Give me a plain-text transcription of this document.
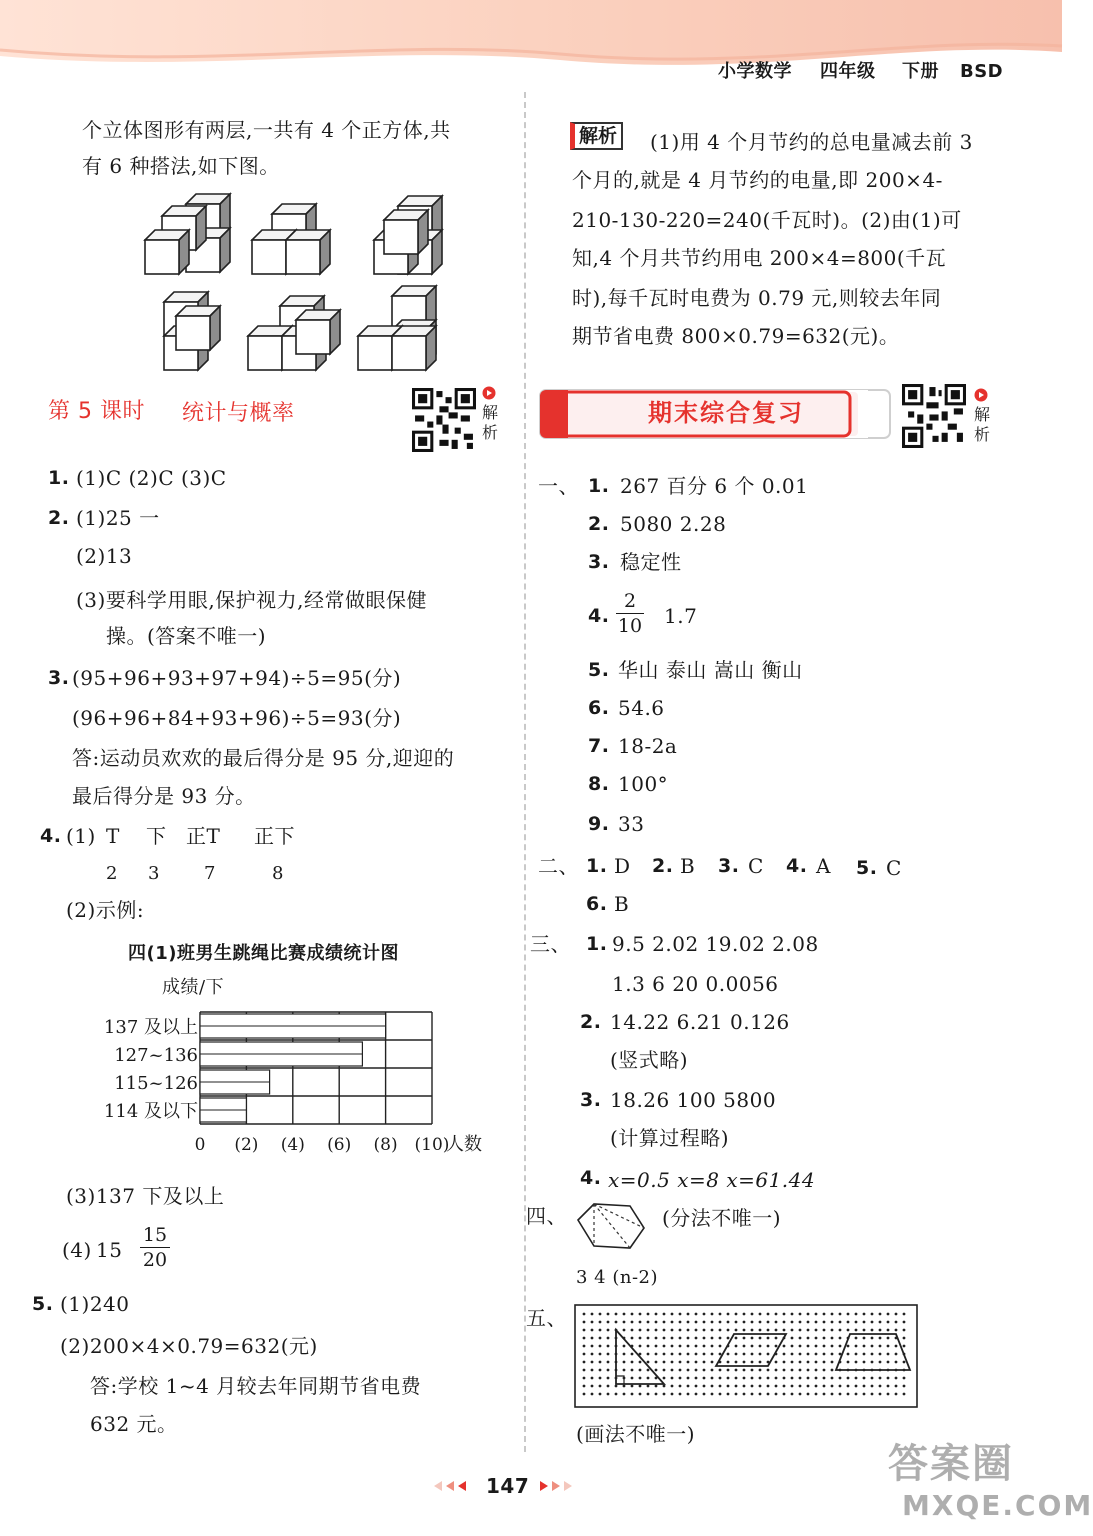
小学数学 四年级 下册 BSD
个立体图形有两层,一共有 4 个正方体,共
有 6 种搭法,如下图。
第 5 课时 统计与概率	解
析
1. (1)C (2)C (3)C
2. (1)25 一
(2)13
(3)要科学用眼,保护视力,经常做眼保健
操。(答案不唯一)
3. (95+96+93+97+94)÷5=95(分)
(96+96+84+93+96)÷5=93(分)
答:运动员欢欢的最后得分是 95 分,迎迎的
最后得分是 93 分。
4. (1) T 下 正T 正下
2 3 7	8
(2)示例:
四(1)班男生跳绳比赛成绩统计图
成绩/下
137 及以上
127~136
115~126
114 及以下
0 (2) (4) (6) (8) (10)
人数
(3)137 下及以上
(4) 15
15
20
5. (1)240
(2)200×4×0.79=632(元)
答:学校 1~4 月较去年同期节省电费
632 元。
解析	(1)用 4 个月节约的总电量减去前 3
个月的,就是 4 月节约的电量,即 200×4-
210-130-220=240(千瓦时)。(2)由(1)可
知,4 个月共节约用电 200×4=800(千瓦
时),每千瓦时电费为 0.79 元,则较去年同
期节省电费 800×0.79=632(元)。
期末综合复习	解
析
一、 1. 267 百分 6 个 0.01
2. 5080 2.28
3. 稳定性
4.
2
10 1.7
5. 华山 泰山 嵩山 衡山
6. 54.6
7. 18-2a
8. 100°
9. 33
二、 1. D 2. B 3. C 4. A 5. C
6. B
三、 1. 9.5 2.02 19.02 2.08
1.3 6 20 0.0056
2. 14.22 6.21 0.126
(竖式略)
3. 18.26 100 5800
(计算过程略)
4. x=0.5 x=8 x=61.44
四、	(分法不唯一)
3 4 (n-2)
五、
(画法不唯一)
147	答案圈
MXQE.COM
